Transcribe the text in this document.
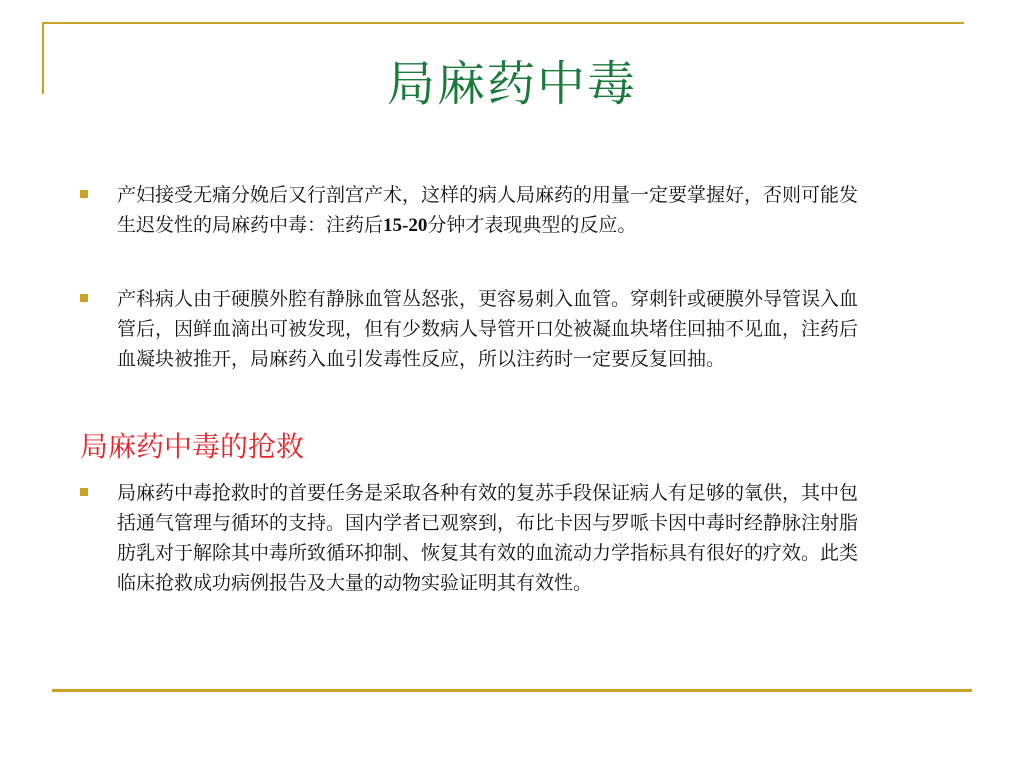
局麻药中毒
产妇接受无痛分娩后又行剖宫产术，这样的病人局麻药的用量一定要掌握好，否则可能发生迟发性的局麻药中毒：注药后15-20分钟才表现典型的反应。
产科病人由于硬膜外腔有静脉血管丛怒张，更容易刺入血管。穿刺针或硬膜外导管误入血管后，因鲜血滴出可被发现，但有少数病人导管开口处被凝血块堵住回抽不见血，注药后血凝块被推开，局麻药入血引发毒性反应，所以注药时一定要反复回抽。
局麻药中毒的抢救
局麻药中毒抢救时的首要任务是采取各种有效的复苏手段保证病人有足够的氧供，其中包括通气管理与循环的支持。国内学者已观察到，布比卡因与罗哌卡因中毒时经静脉注射脂肪乳对于解除其中毒所致循环抑制、恢复其有效的血流动力学指标具有很好的疗效。此类临床抢救成功病例报告及大量的动物实验证明其有效性。
